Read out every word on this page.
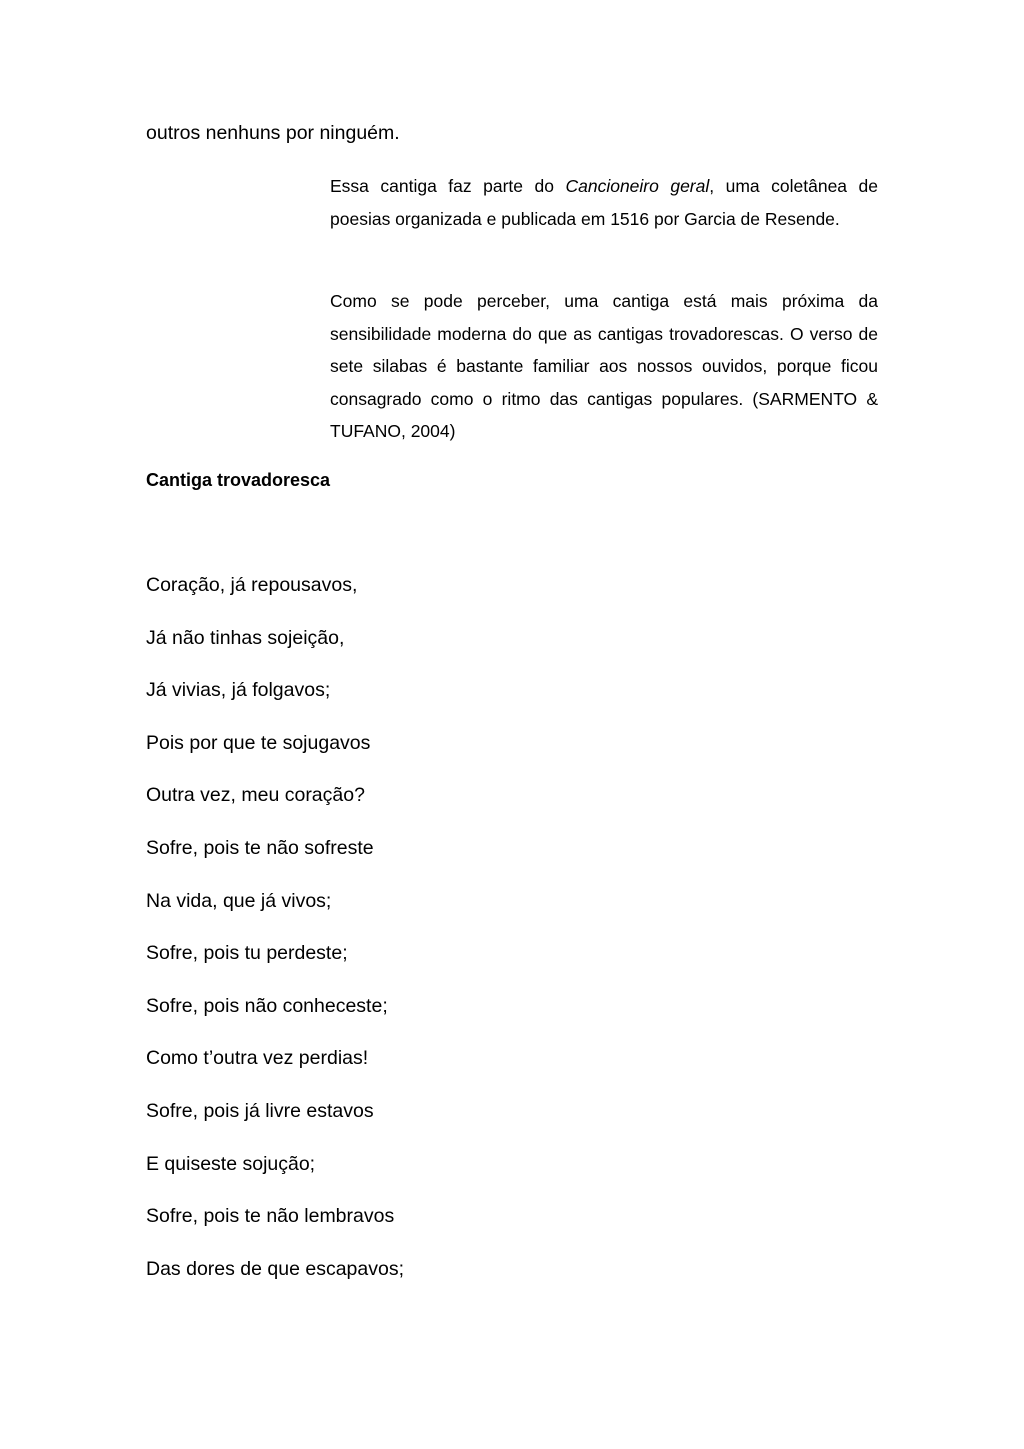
outros nenhuns por ninguém.

Essa cantiga faz parte do Cancioneiro geral, uma coletânea de poesias organizada e publicada em 1516 por Garcia de Resende.

Como se pode perceber, uma cantiga está mais próxima da sensibilidade moderna do que as cantigas trovadorescas. O verso de sete silabas é bastante familiar aos nossos ouvidos, porque ficou consagrado como o ritmo das cantigas populares. (SARMENTO & TUFANO, 2004)

Cantiga trovadoresca
Coração, já repousavos,
Já não tinhas sojeição,
Já vivias, já folgavos;
Pois por que te sojugavos
Outra vez, meu coração?
Sofre, pois te não sofreste
Na vida, que já vivos;
Sofre, pois tu perdeste;
Sofre, pois não conheceste;
Como t’outra vez perdias!
Sofre, pois já livre estavos
E quiseste sojução;
Sofre, pois te não lembravos
Das dores de que escapavos;
